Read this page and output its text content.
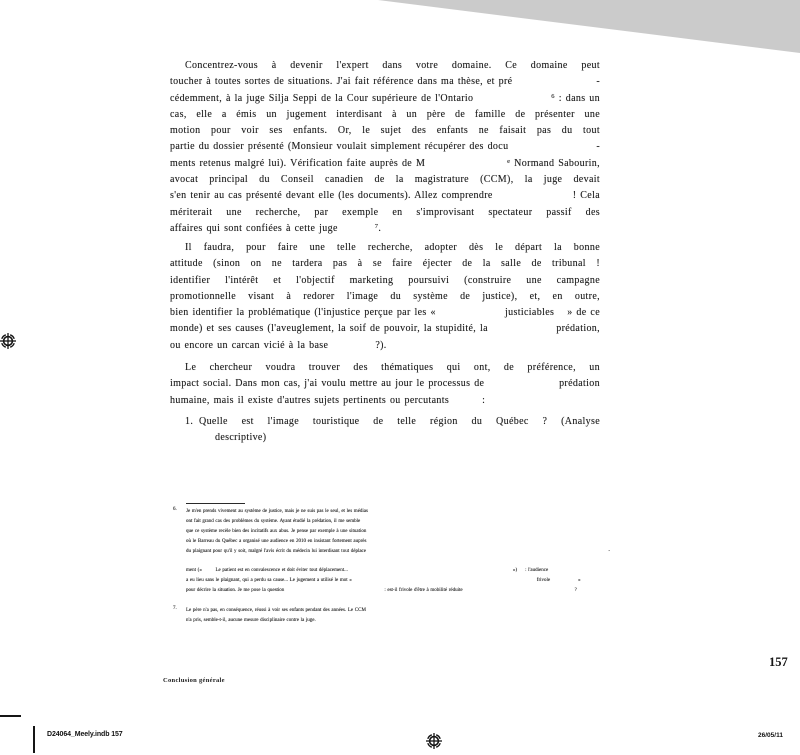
Concentrez-vous à devenir l'expert dans votre domaine. Ce domaine peut
toucher à toutes sortes de situations. J'ai fait référence dans ma thèse, et pré	-
cédemment, à la juge Silja Seppi de la Cour supérieure de l'Ontario	6 : dans un
cas, elle a émis un jugement interdisant à un père de famille de présenter une
motion pour voir ses enfants. Or, le sujet des enfants ne faisait pas du tout
partie du dossier présenté (Monsieur voulait simplement récupérer des docu	-
ments retenus malgré lui). Vérification faite auprès de M	e Normand Sabourin,
avocat principal du Conseil canadien de la magistrature (CCM), la juge devait
s'en tenir au cas présenté devant elle (les documents). Allez comprendre	! Cela
mériterait une recherche, par exemple en s'improvisant spectateur passif des
affaires qui sont confiées à cette juge	7 .
Il faudra, pour faire une telle recherche, adopter dès le départ la bonne
attitude (sinon on ne tardera pas à se faire éjecter de la salle de tribunal !
identifier l'intérêt et l'objectif marketing poursuivi (construire une campagne
promotionnelle visant à redorer l'image du système de justice), et, en outre,
bien identifier la problématique (l'injustice perçue par les «	justiciables » de ce
monde) et ses causes (l'aveuglement, la soif de pouvoir, la stupidité, la	prédation,
ou encore un carcan vicié à la base	?).
Le chercheur voudra trouver des thématiques qui ont, de préférence, un
impact social. Dans mon cas, j'ai voulu mettre au jour le processus de	prédation
humaine, mais il existe d'autres sujets pertinents ou percutants	:
1. Quelle est l'image touristique de telle région du Québec ? (Analyse
descriptive)
6. Je m'en prends vivement au système de justice, mais je ne suis pas le seul, et les médias
ont fait grand cas des problèmes du système. Ayant étudié la prédation, il me semble
que ce système recèle bien des incitatifs aux abus. Je pense par exemple à une situation
où le Barreau du Québec a organisé une audience en 2010 en insistant fortement auprès
du plaignant pour qu'il y soit, malgré l'avis écrit du médecin lui interdisant tout déplace	-
ment (« Le patient est en convalescence et doit éviter tout déplacement...	») : l'audience
a eu lieu sans le plaignant, qui a perdu sa cause... Le jugement a utilisé le mot «	frivole	»
pour décrire la situation. Je me pose la question	: est-il frivole d'être à mobilité réduite	?
7. Le père n'a pas, en conséquence, réussi à voir ses enfants pendant des années. Le CCM
n'a pris, semble-t-il, aucune mesure disciplinaire contre la juge.
Conclusion générale
157
D24064_Meely.indb 157	26/05/11
